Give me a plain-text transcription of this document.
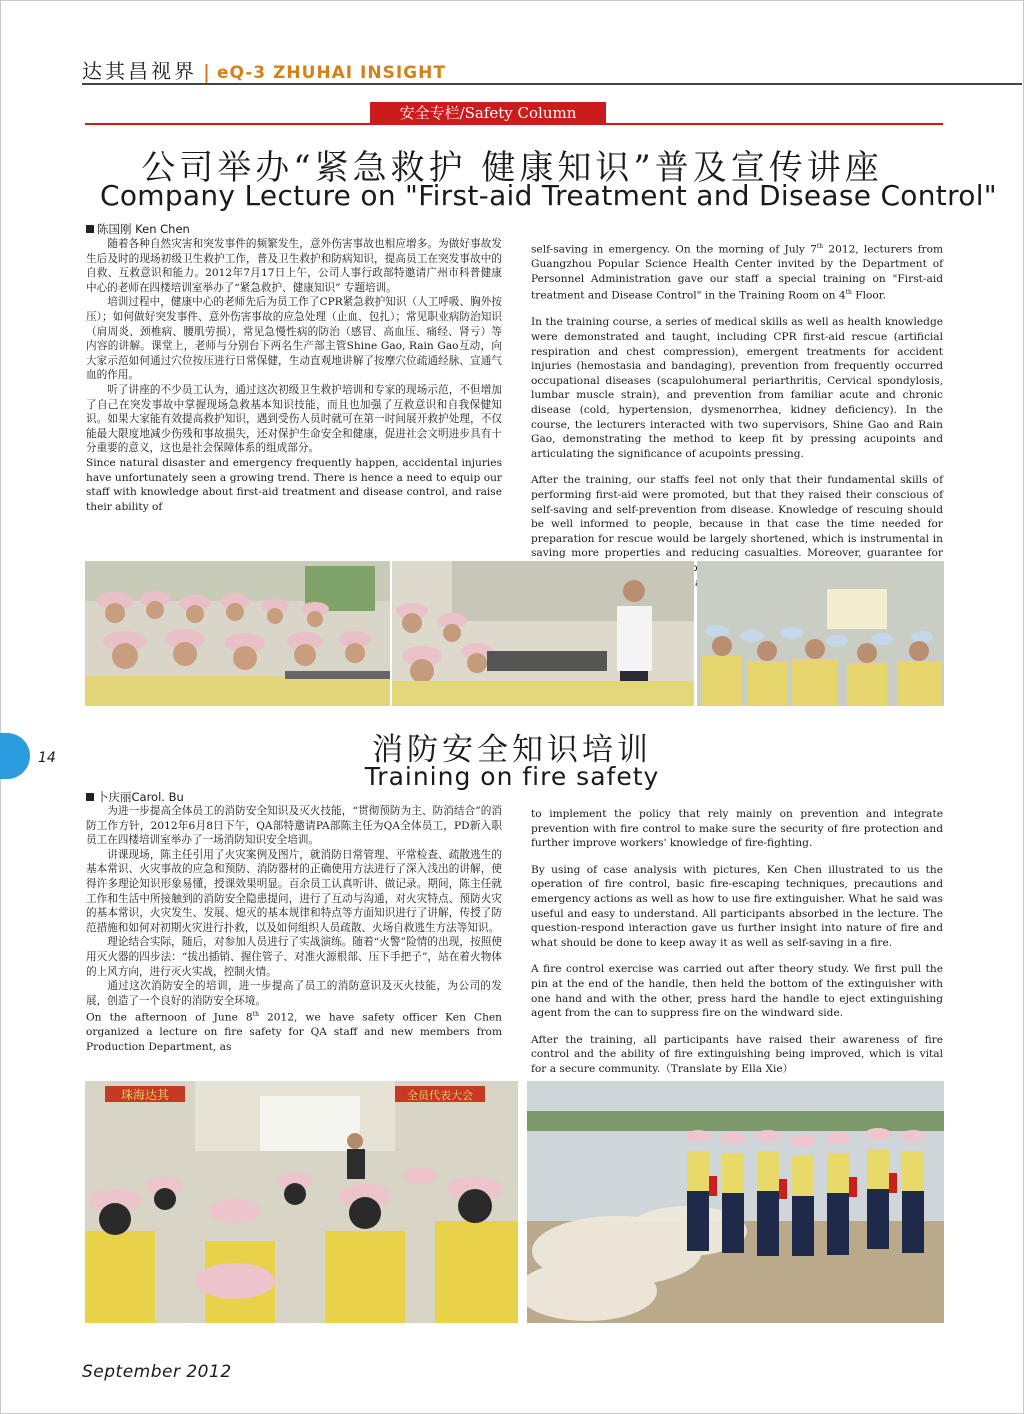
达其昌视界 | eQ-3 ZHUHAI INSIGHT
安全专栏/Safety Column
公司举办“紧急救护 健康知识”普及宣传讲座
Company Lecture on "First-aid Treatment and Disease Control"
陈国刚 Ken Chen

随着各种自然灾害和突发事件的频繁发生，意外伤害事故也相应增多。为做好事故发生后及时的现场初级卫生救护工作，普及卫生救护和防病知识，提高员工在突发事故中的自救、互救意识和能力。2012年7月17日上午，公司人事行政部特邀请广州市科普健康中心的老师在四楼培训室举办了“紧急救护、健康知识” 专题培训。

培训过程中，健康中心的老师先后为员工作了CPR紧急救护知识（人工呼吸、胸外按压）；如何做好突发事件、意外伤害事故的应急处理（止血、包扎）；常见职业病防治知识（肩周炎、颈椎病、腰肌劳损），常见急慢性病的防治（感冒、高血压、痛经、肾亏）等内容的讲解。课堂上，老师与分别台下两名生产部主管Shine Gao, Rain Gao互动，向大家示范如何通过穴位按压进行日常保健，生动直观地讲解了按摩穴位疏通经脉、宣通气血的作用。

听了讲座的不少员工认为，通过这次初级卫生救护培训和专家的现场示范，不但增加了自己在突发事故中掌握现场急救基本知识技能，而且也加强了互救意识和自我保健知识。如果大家能有效提高救护知识，遇到受伤人员时就可在第一时间展开救护处理，不仅能最大限度地减少伤残和事故损失，还对保护生命安全和健康，促进社会文明进步具有十分重要的意义，这也是社会保障体系的组成部分。

Since natural disaster and emergency frequently happen, accidental injuries have unfortunately seen a growing trend. There is hence a need to equip our staff with knowledge about first-aid treatment and disease control, and raise their ability of

self-saving in emergency. On the morning of July 7th 2012, lecturers from Guangzhou Popular Science Health Center invited by the Department of Personnel Administration gave our staff a special training on "First-aid treatment and Disease Control" in the Training Room on 4th Floor.

In the training course, a series of medical skills as well as health knowledge were demonstrated and taught, including CPR first-aid rescue (artificial respiration and chest compression), emergent treatments for accident injuries (hemostasia and bandaging), prevention from frequently occurred occupational diseases (scapulohumeral periarthritis, Cervical spondylosis, lumbar muscle strain), and prevention from familiar acute and chronic disease (cold, hypertension, dysmenorrhea, kidney deficiency). In the course, the lecturers interacted with two supervisors, Shine Gao and Rain Gao, demonstrating the method to keep fit by pressing acupoints and articulating the significance of acupoints pressing.

After the training, our staffs feel not only that their fundamental skills of performing first-aid were promoted, but that they raised their conscious of self-saving and self-prevention from disease. Knowledge of rescuing should be well informed to people, because in that case the time needed for preparation for rescue would be largely shortened, which is instrumental in saving more properties and reducing casualties. Moreover, guarantee for

14	消防安全知识培训
Training on fire safety
卜庆丽Carol. Bu

为进一步提高全体员工的消防安全知识及灭火技能，“贯彻预防为主、防消结合”的消防工作方针，2012年6月8日下午，QA部特邀请PA部陈主任为QA全体员工，PD新入职员工在四楼培训室举办了一场消防知识安全培训。

讲课现场，陈主任引用了火灾案例及图片，就消防日常管理、平常检查、疏散逃生的基本常识、火灾事故的应急和预防、消防器材的正确使用方法进行了深入浅出的讲解，使得许多理论知识形象易懂，授课效果明显。百余员工认真听讲、做记录。期间，陈主任就工作和生活中所接触到的消防安全隐患提问，进行了互动与沟通，对火灾特点、预防火灾的基本常识，火灾发生、发展、熄灭的基本规律和特点等方面知识进行了讲解，传授了防范措施和如何对初期火灾进行扑救，以及如何组织人员疏散、火场自救逃生方法等知识。

理论结合实际，随后，对参加人员进行了实战演练。随着“火警”险情的出现，按照使用灭火器的四步法：“拔出插销、握住管子、对准火源根部、压下手把子”，站在着火物体的上风方向，进行灭火实战，控制火情。

通过这次消防安全的培训，进一步提高了员工的消防意识及灭火技能，为公司的发展，创造了一个良好的消防安全环境。

On the afternoon of June 8th 2012, we have safety officer Ken Chen organized a lecture on fire safety for QA staff and new members from Production Department, as

to implement the policy that rely mainly on prevention and integrate prevention with fire control to make sure the security of fire protection and further improve workers' knowledge of fire-fighting.

By using of case analysis with pictures, Ken Chen illustrated to us the operation of fire control, basic fire-escaping techniques, precautions and emergency actions as well as how to use fire extinguisher. What he said was useful and easy to understand. All participants absorbed in the lecture. The question-respond interaction gave us further insight into nature of fire and what should be done to keep away it as well as self-saving in a fire.

A fire control exercise was carried out after theory study. We first pull the pin at the end of the handle, then held the bottom of the extinguisher with one hand and with the other, press hard the handle to eject extinguishing agent from the can to suppress fire on the windward side.

After the training, all participants have raised their awareness of fire control and the ability of fire extinguishing being improved, which is vital for a secure community.（Translate by Ella Xie）

珠海达其	全员代表大会
September 2012
